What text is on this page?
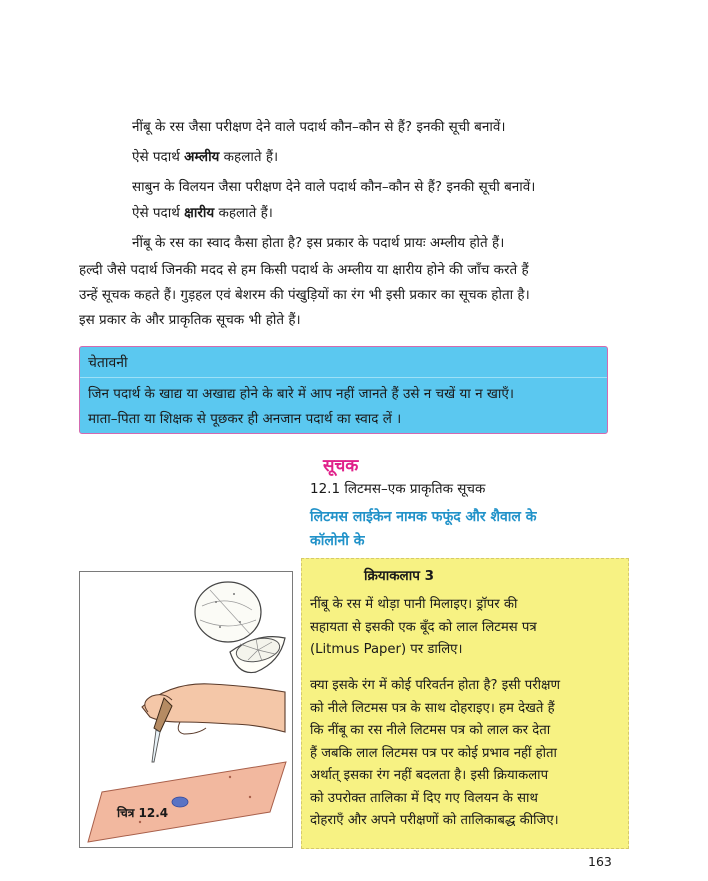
नींबू के रस जैसा परीक्षण देने वाले पदार्थ कौन–कौन से हैं? इनकी सूची बनावें।

ऐसे पदार्थ अम्लीय कहलाते हैं।

साबुन के विलयन जैसा परीक्षण देने वाले पदार्थ कौन–कौन से हैं? इनकी सूची बनावें।

ऐसे पदार्थ क्षारीय कहलाते हैं।

नींबू के रस का स्वाद कैसा होता है? इस प्रकार के पदार्थ प्रायः अम्लीय होते हैं।

हल्दी जैसे पदार्थ जिनकी मदद से हम किसी पदार्थ के अम्लीय या क्षारीय होने की जाँच करते हैं
उन्हें सूचक कहते हैं। गुड़हल एवं बेशरम की पंखुड़ियों का रंग भी इसी प्रकार का सूचक होता है।
इस प्रकार के और प्राकृतिक सूचक भी होते हैं।

चेतावनी
जिन पदार्थ के खाद्य या अखाद्य होने के बारे में आप नहीं जानते हैं उसे न चखें या न खाएँ।
माता–पिता या शिक्षक से पूछकर ही अनजान पदार्थ का स्वाद लें ।
सूचक
12.1 लिटमस–एक प्राकृतिक सूचक
लिटमस लाईकेन नामक फफूंद और शैवाल के
कॉलोनी के
चित्र 12.4
क्रियाकलाप 3
नींबू के रस में थोड़ा पानी मिलाइए। ड्रॉपर की
सहायता से इसकी एक बूँद को लाल लिटमस पत्र
(Litmus Paper) पर डालिए।
क्या इसके रंग में कोई परिवर्तन होता है? इसी परीक्षण
को नीले लिटमस पत्र के साथ दोहराइए। हम देखते हैं
कि नींबू का रस नीले लिटमस पत्र को लाल कर देता
हैं जबकि लाल लिटमस पत्र पर कोई प्रभाव नहीं होता
अर्थात् इसका रंग नहीं बदलता है। इसी क्रियाकलाप
को उपरोक्त तालिका में दिए गए विलयन के साथ
दोहराएँ और अपने परीक्षणों को तालिकाबद्ध कीजिए।
163
